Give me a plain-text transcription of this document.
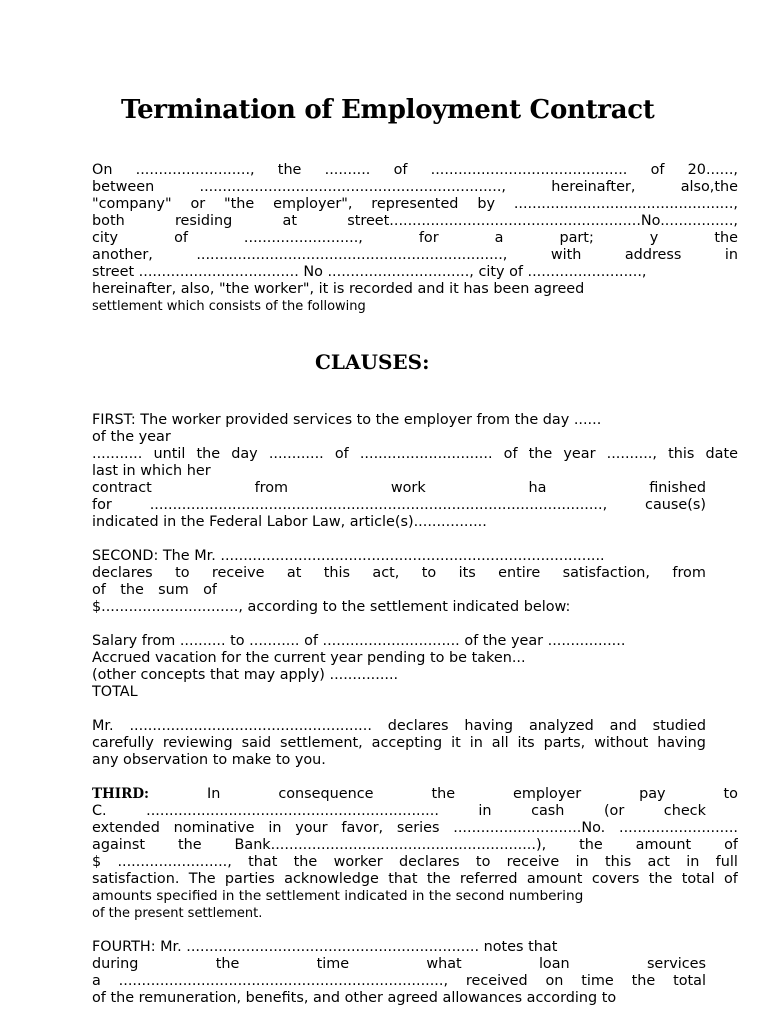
Termination of Employment Contract
On ........................., the .......... of ........................................... of 20......,
between	..................................................................,	hereinafter,	also,the
"company" or "the employer", represented by ................................................,
both	residing	at	street.......................................................No................,
city	of	.........................,	for	a	part;	y	the
another,	...................................................................,	with	address	in
street ................................... No ..............................., city of .........................,
hereinafter, also, "the worker", it is recorded and it has been agreed
settlement which consists of the following
CLAUSES:
FIRST: The worker provided services to the employer from the day ......
of the year
........... until the day ............ of ............................. of the year .........., this date
last in which her
contract	from	work	ha	finished
for	...................................................................................................,	cause(s)
indicated in the Federal Labor Law, article(s)................
SECOND: The Mr. ....................................................................................
declares to receive at this act, to its entire satisfaction, from
of the sum of
$.............................., according to the settlement indicated below:
Salary from .......... to ........... of .............................. of the year .................
Accrued vacation for the current year pending to be taken...
(other concepts that may apply) ...............
TOTAL
Mr. ..................................................... declares having analyzed and studied
carefully reviewing said settlement, accepting it in all its parts, without having
any observation to make to you.
THIRD:	In	consequence	the	employer	pay	to
C.	................................................................	in	cash	(or	check
extended nominative in your favor, series ............................No. ..........................
against the Bank..........................................................), the amount of
$ ........................, that the worker declares to receive in this act in full
satisfaction. The parties acknowledge that the referred amount covers the total of
amounts specified in the settlement indicated in the second numbering
of the present settlement.
FOURTH: Mr. ................................................................ notes that
during	the	time	what	loan	services
a ......................................................................., received on time the total
of the remuneration, benefits, and other agreed allowances according to
